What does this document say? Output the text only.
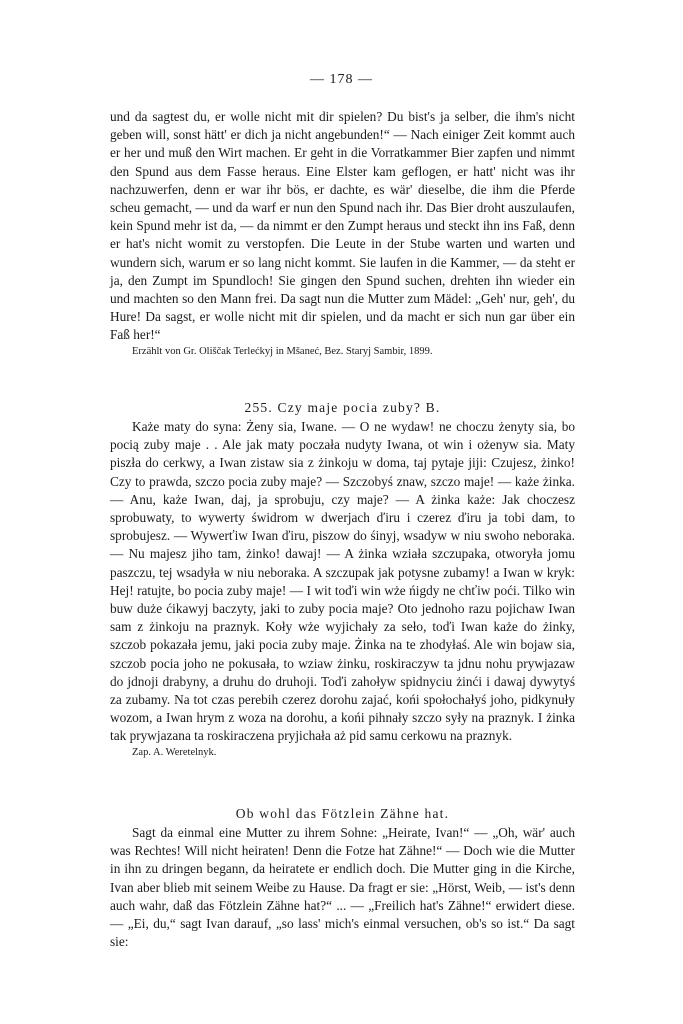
— 178 —

und da sagtest du, er wolle nicht mit dir spielen? Du bist's ja selber, die ihm's nicht geben will, sonst hätt' er dich ja nicht angebunden!“ — Nach einiger Zeit kommt auch er her und muß den Wirt machen. Er geht in die Vorratkammer Bier zapfen und nimmt den Spund aus dem Fasse heraus. Eine Elster kam geflogen, er hatt' nicht was ihr nachzuwerfen, denn er war ihr bös, er dachte, es wär' dieselbe, die ihm die Pferde scheu gemacht, — und da warf er nun den Spund nach ihr. Das Bier droht auszulaufen, kein Spund mehr ist da, — da nimmt er den Zumpt heraus und steckt ihn ins Faß, denn er hat's nicht womit zu verstopfen. Die Leute in der Stube warten und warten und wundern sich, warum er so lang nicht kommt. Sie laufen in die Kammer, — da steht er ja, den Zumpt im Spundloch! Sie gingen den Spund suchen, drehten ihn wieder ein und machten so den Mann frei. Da sagt nun die Mutter zum Mädel: „Geh' nur, geh', du Hure! Da sagst, er wolle nicht mit dir spielen, und da macht er sich nun gar über ein Faß her!“

Erzählt von Gr. Oliščak Terlećkyj in Mšaneć, Bez. Staryj Sambir, 1899.

255. Czy maje pocia zuby? B.

Każe maty do syna: Żeny sia, Iwane. — O ne wydaw! ne choczu żenyty sia, bo pocią zuby maje . . Ale jak maty poczała nudyty Iwana, ot win i ożenyw sia. Maty piszła do cerkwy, a Iwan zistaw sia z żinkoju w doma, taj pytaje jiji: Czujesz, żinko! Czy to prawda, szczo pocia zuby maje? — Szczobyś znaw, szczo maje! — każe żinka. — Anu, każe Iwan, daj, ja sprobuju, czy maje? — A żinka każe: Jak choczesz sprobuwaty, to wywerty świdrom w dwerjach ďiru i czerez ďiru ja tobi dam, to sprobujesz. — Wywerťiw Iwan ďiru, piszow do śinyj, wsadyw w niu swoho neboraka. — Nu majesz jiho tam, żinko! dawaj! — A żinka wziała szczupaka, otworyła jomu paszczu, tej wsadyła w niu neboraka. A szczupak jak potysne zubamy! a Iwan w kryk: Hej! ratujte, bo pocia zuby maje! — I wit toďi win wże ńigdy ne chťiw poći. Tilko win buw duże ćikawyj baczyty, jaki to zuby pocia maje? Oto jednoho razu pojichaw Iwan sam z żinkoju na praznyk. Koły wże wyjichały za seło, toďi Iwan każe do żinky, szczob pokazała jemu, jaki pocia zuby maje. Żinka na te zhodyłaś. Ale win bojaw sia, szczob pocia joho ne pokusała, to wziaw żinku, roskiraczyw ta jdnu nohu prywjazaw do jdnoji drabyny, a druhu do druhoji. Toďi zahoływ spidnyciu żinći i dawaj dywytyś za zubamy. Na tot czas perebih czerez dorohu zajać, końi społochałyś joho, pidkynuły wozom, a Iwan hrym z woza na dorohu, a końi pihnały szczo syły na praznyk. I żinka tak prywjazana ta roskiraczena pryjichała aż pid samu cerkowu na praznyk.

Zap. A. Weretelnyk.

Ob wohl das Fötzlein Zähne hat.

Sagt da einmal eine Mutter zu ihrem Sohne: „Heirate, Ivan!“ — „Oh, wär' auch was Rechtes! Will nicht heiraten! Denn die Fotze hat Zähne!“ — Doch wie die Mutter in ihn zu dringen begann, da heiratete er endlich doch. Die Mutter ging in die Kirche, Ivan aber blieb mit seinem Weibe zu Hause. Da fragt er sie: „Hörst, Weib, — ist's denn auch wahr, daß das Fötzlein Zähne hat?“ ... — „Freilich hat's Zähne!“ erwidert diese. — „Ei, du,“ sagt Ivan darauf, „so lass' mich's einmal versuchen, ob's so ist.“ Da sagt sie:
